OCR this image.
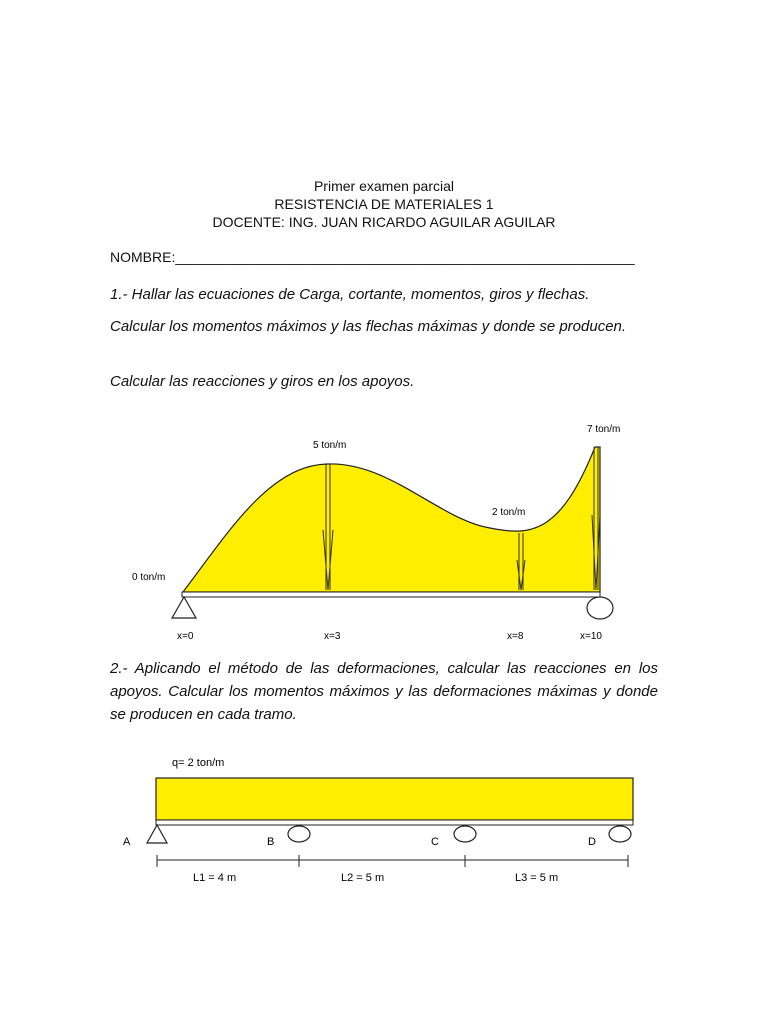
Primer examen parcial
RESISTENCIA DE MATERIALES 1
DOCENTE: ING. JUAN RICARDO AGUILAR AGUILAR
NOMBRE:___________________________________________________________
1.- Hallar las ecuaciones de Carga, cortante, momentos, giros y flechas.
Calcular los momentos máximos y las flechas máximas y donde se producen.
Calcular las reacciones y giros en los apoyos.
0 ton/m
5 ton/m
2 ton/m
7 ton/m
x=0	x=3	x=8	x=10
2.- Aplicando el método de las deformaciones, calcular las reacciones en los apoyos. Calcular los momentos máximos y las deformaciones máximas y donde se producen en cada tramo.
q= 2 ton/m
A	B	C	D
L1 = 4 m	L2 = 5 m	L3 = 5 m
